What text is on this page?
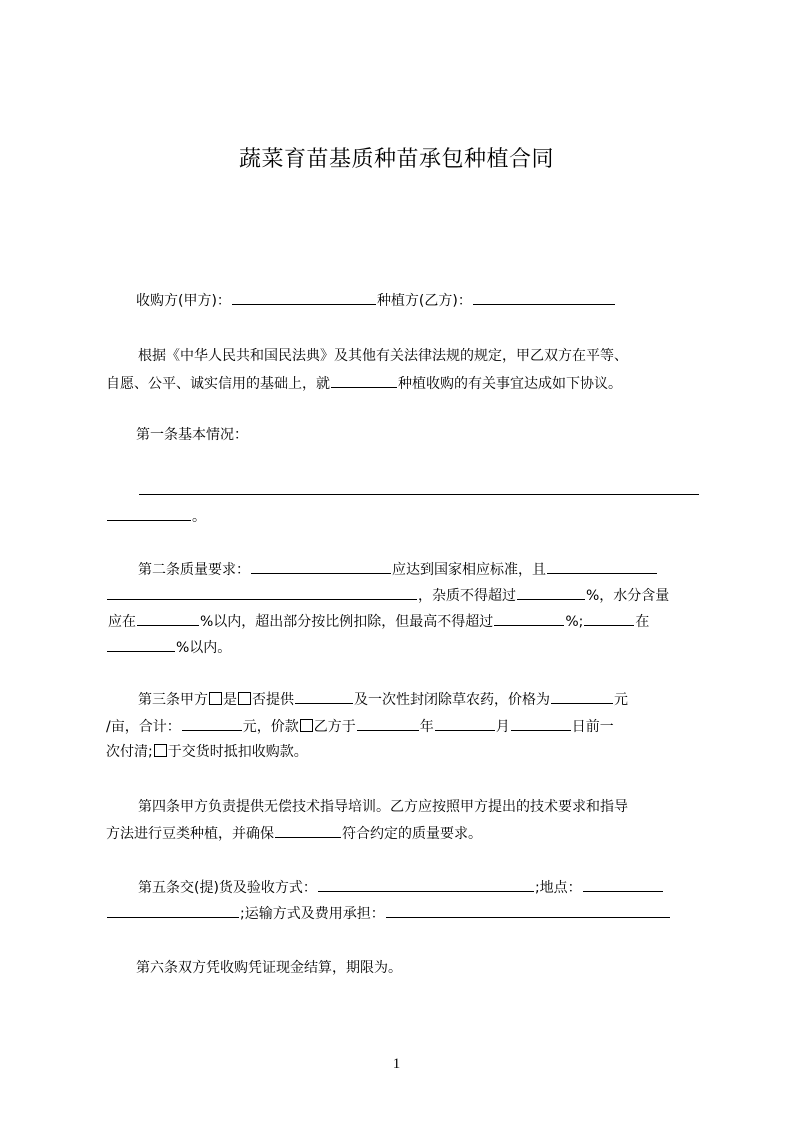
蔬菜育苗基质种苗承包种植合同
收购方(甲方)：	种植方(乙方)：
根据《中华人民共和国民法典》及其他有关法律法规的规定，甲乙双方在平等、
自愿、公平、诚实信用的基础上，就	种植收购的有关事宜达成如下协议。
第一条基本情况：
。
第二条质量要求：	应达到国家相应标准，且
，杂质不得超过	%，水分含量
应在	%以内，超出部分按比例扣除，但最高不得超过	%;	在
%以内。
第三条甲方 是 否提供	及一次性封闭除草农药，价格为	元
/亩，合计：	元，价款 乙方于	年	月	日前一
次付清; 于交货时抵扣收购款。
第四条甲方负责提供无偿技术指导培训。乙方应按照甲方提出的技术要求和指导
方法进行豆类种植，并确保	符合约定的质量要求。
第五条交(提)货及验收方式：	;地点：
;运输方式及费用承担：
第六条双方凭收购凭证现金结算，期限为。
1
